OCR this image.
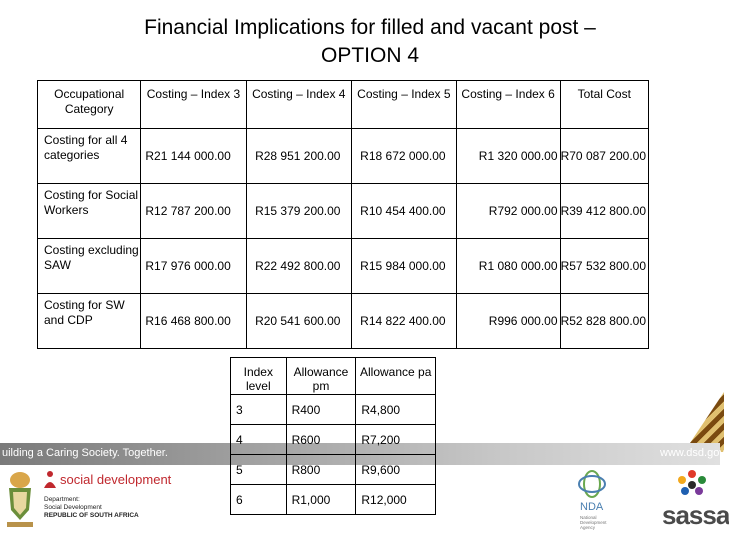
Financial Implications for filled and vacant post –
OPTION 4
Occupational Category	Costing – Index 3	Costing – Index 4	Costing – Index 5	Costing – Index 6	Total Cost
Costing for all 4 categories	R21 144 000.00	R28 951 200.00	R18 672 000.00	R1 320 000.00	R70 087 200.00
Costing for Social Workers	R12 787 200.00	R15 379 200.00	R10 454 400.00	R792 000.00	R39 412 800.00
Costing excluding SAW	R17 976 000.00	R22 492 800.00	R15 984 000.00	R1 080 000.00	R57 532 800.00
Costing for SW and CDP	R16 468 800.00	R20 541 600.00	R14 822 400.00	R996 000.00	R52 828 800.00
uilding a Caring Society. Together.	www.dsd.gov
social development
Department:
Social Development
REPUBLIC OF SOUTH AFRICA
Index level	Allowance pm	Allowance pa
3	R400	R4,800
4	R600	R7,200
5	R800	R9,600
6	R1,000	R12,000
NDA
National
Development
Agency	sassa
